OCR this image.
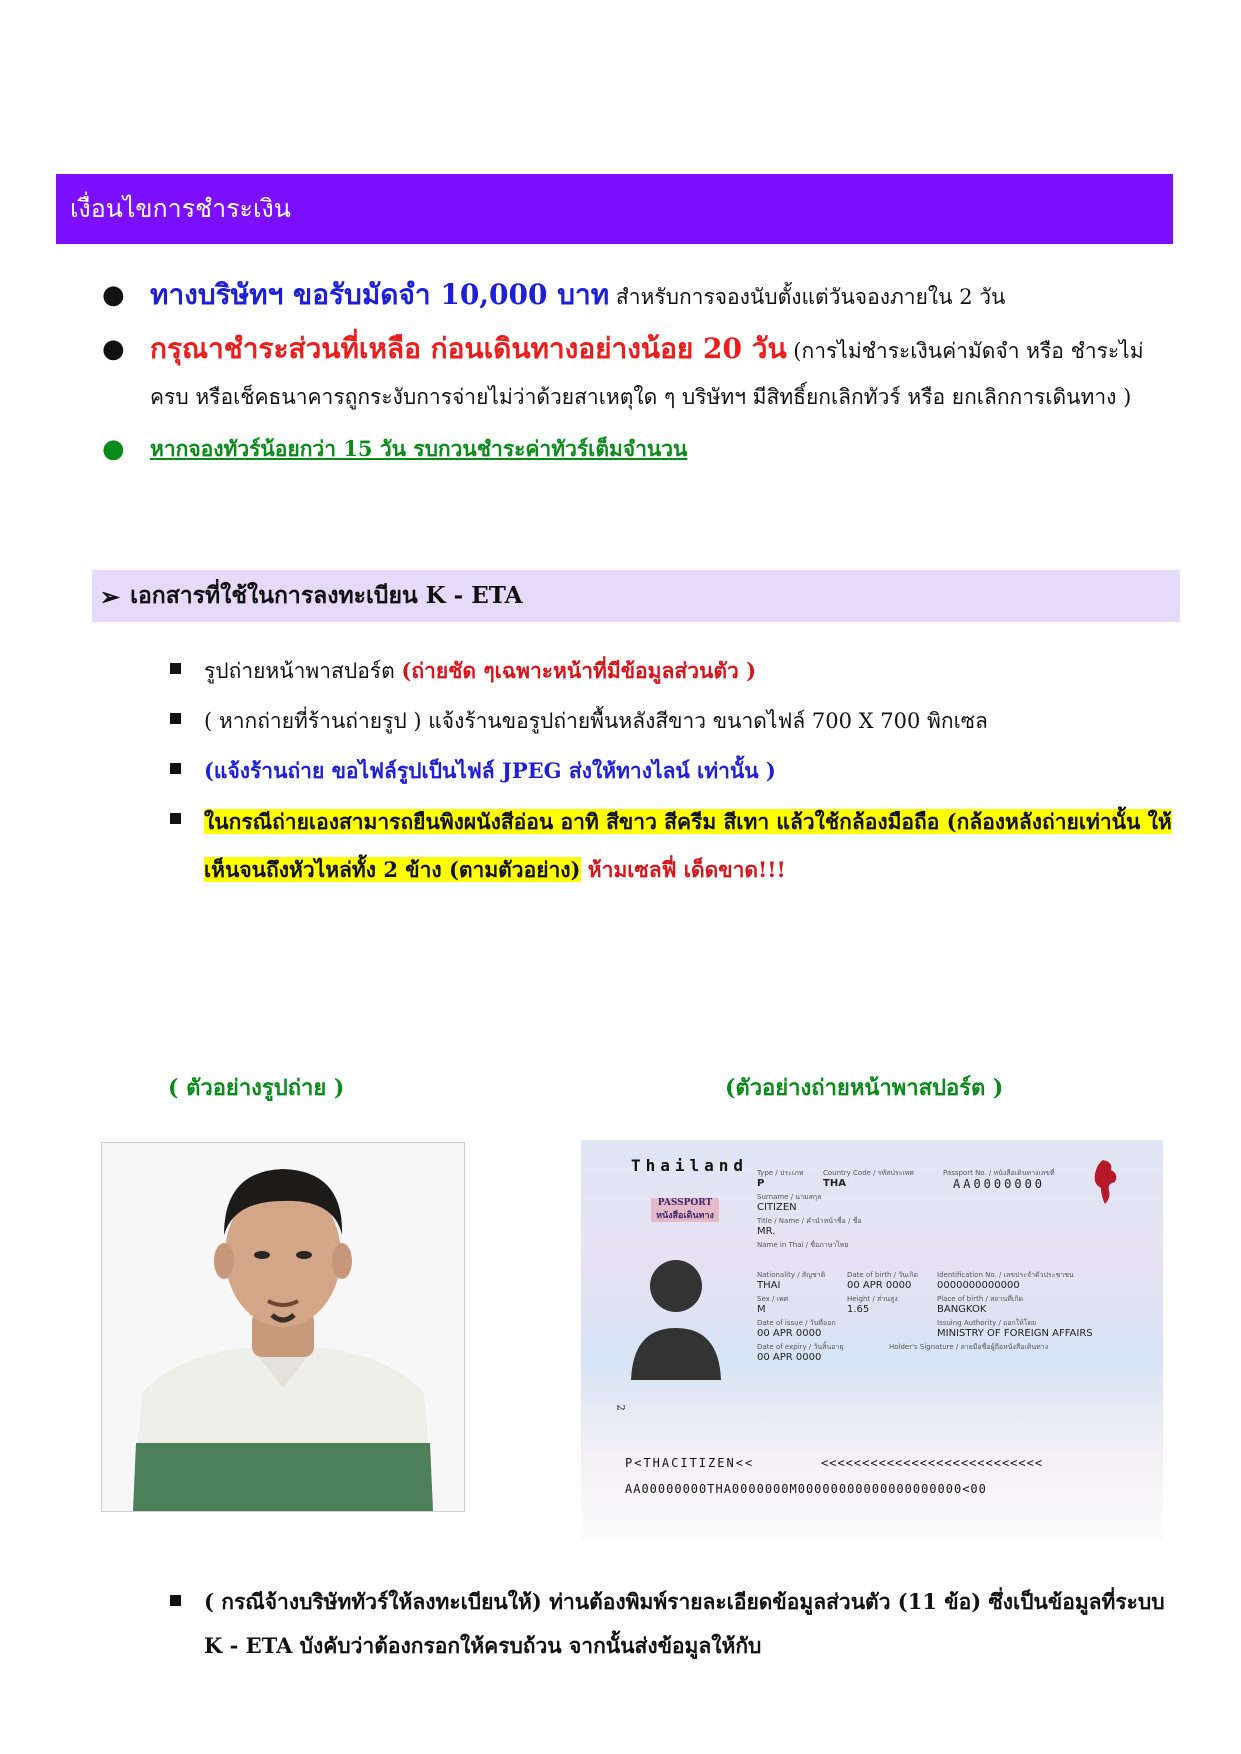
เงื่อนไขการชำระเงิน
● ทางบริษัทฯ ขอรับมัดจำ 10,000 บาท สำหรับการจองนับตั้งแต่วันจองภายใน 2 วัน
● กรุณาชำระส่วนที่เหลือ ก่อนเดินทางอย่างน้อย 20 วัน (การไม่ชำระเงินค่ามัดจำ หรือ ชำระไม่ครบ หรือเช็คธนาคารถูกระงับการจ่ายไม่ว่าด้วยสาเหตุใด ๆ บริษัทฯ มีสิทธิ์ยกเลิกทัวร์ หรือ ยกเลิกการเดินทาง )
● หากจองทัวร์น้อยกว่า 15 วัน รบกวนชำระค่าทัวร์เต็มจำนวน
➢ เอกสารที่ใช้ในการลงทะเบียน K - ETA
รูปถ่ายหน้าพาสปอร์ต (ถ่ายชัด ๆเฉพาะหน้าที่มีข้อมูลส่วนตัว )
( หากถ่ายที่ร้านถ่ายรูป ) แจ้งร้านขอรูปถ่ายพื้นหลังสีขาว ขนาดไฟล์ 700 X 700 พิกเซล
(แจ้งร้านถ่าย ขอไฟล์รูปเป็นไฟล์ JPEG ส่งให้ทางไลน์ เท่านั้น )
ในกรณีถ่ายเองสามารถยืนพิงผนังสีอ่อน อาทิ สีขาว สีครีม สีเทา แล้วใช้กล้องมือถือ (กล้องหลังถ่ายเท่านั้น ให้เห็นจนถึงหัวไหล่ทั้ง 2 ข้าง (ตามตัวอย่าง) ห้ามเซลฟี่ เด็ดขาด!!!
( ตัวอย่างรูปถ่าย )	(ตัวอย่างถ่ายหน้าพาสปอร์ต )
Thailand
PASSPORT
หนังสือเดินทาง
Type / ประเภท	Country Code / รหัสประเทศ	Passport No. / หนังสือเดินทางเลขที่
P	THA	AA0000000
Surname / นามสกุล
CITIZEN
Title / Name / คำนำหน้าชื่อ / ชื่อ
MR.
Name in Thai / ชื่อภาษาไทย
Nationality / สัญชาติ	Date of birth / วันเกิด	Identification No. / เลขประจำตัวประชาชน
THAI	00 APR 0000	0000000000000
Sex / เพศ	Height / ส่วนสูง	Place of birth / สถานที่เกิด
M	1.65	BANGKOK
Date of issue / วันที่ออก	Issuing Authority / ออกให้โดย
00 APR 0000	MINISTRY OF FOREIGN AFFAIRS
Date of expiry / วันสิ้นอายุ	Holder's Signature / ลายมือชื่อผู้ถือหนังสือเดินทาง
00 APR 0000
2
P<THACITIZEN<<	<<<<<<<<<<<<<<<<<<<<<<<<<<<
AA00000000THA0000000M00000000000000000000<00
( กรณีจ้างบริษัททัวร์ให้ลงทะเบียนให้) ท่านต้องพิมพ์รายละเอียดข้อมูลส่วนตัว (11 ข้อ) ซึ่งเป็นข้อมูลที่ระบบ K - ETA บังคับว่าต้องกรอกให้ครบถ้วน จากนั้นส่งข้อมูลให้กับ
